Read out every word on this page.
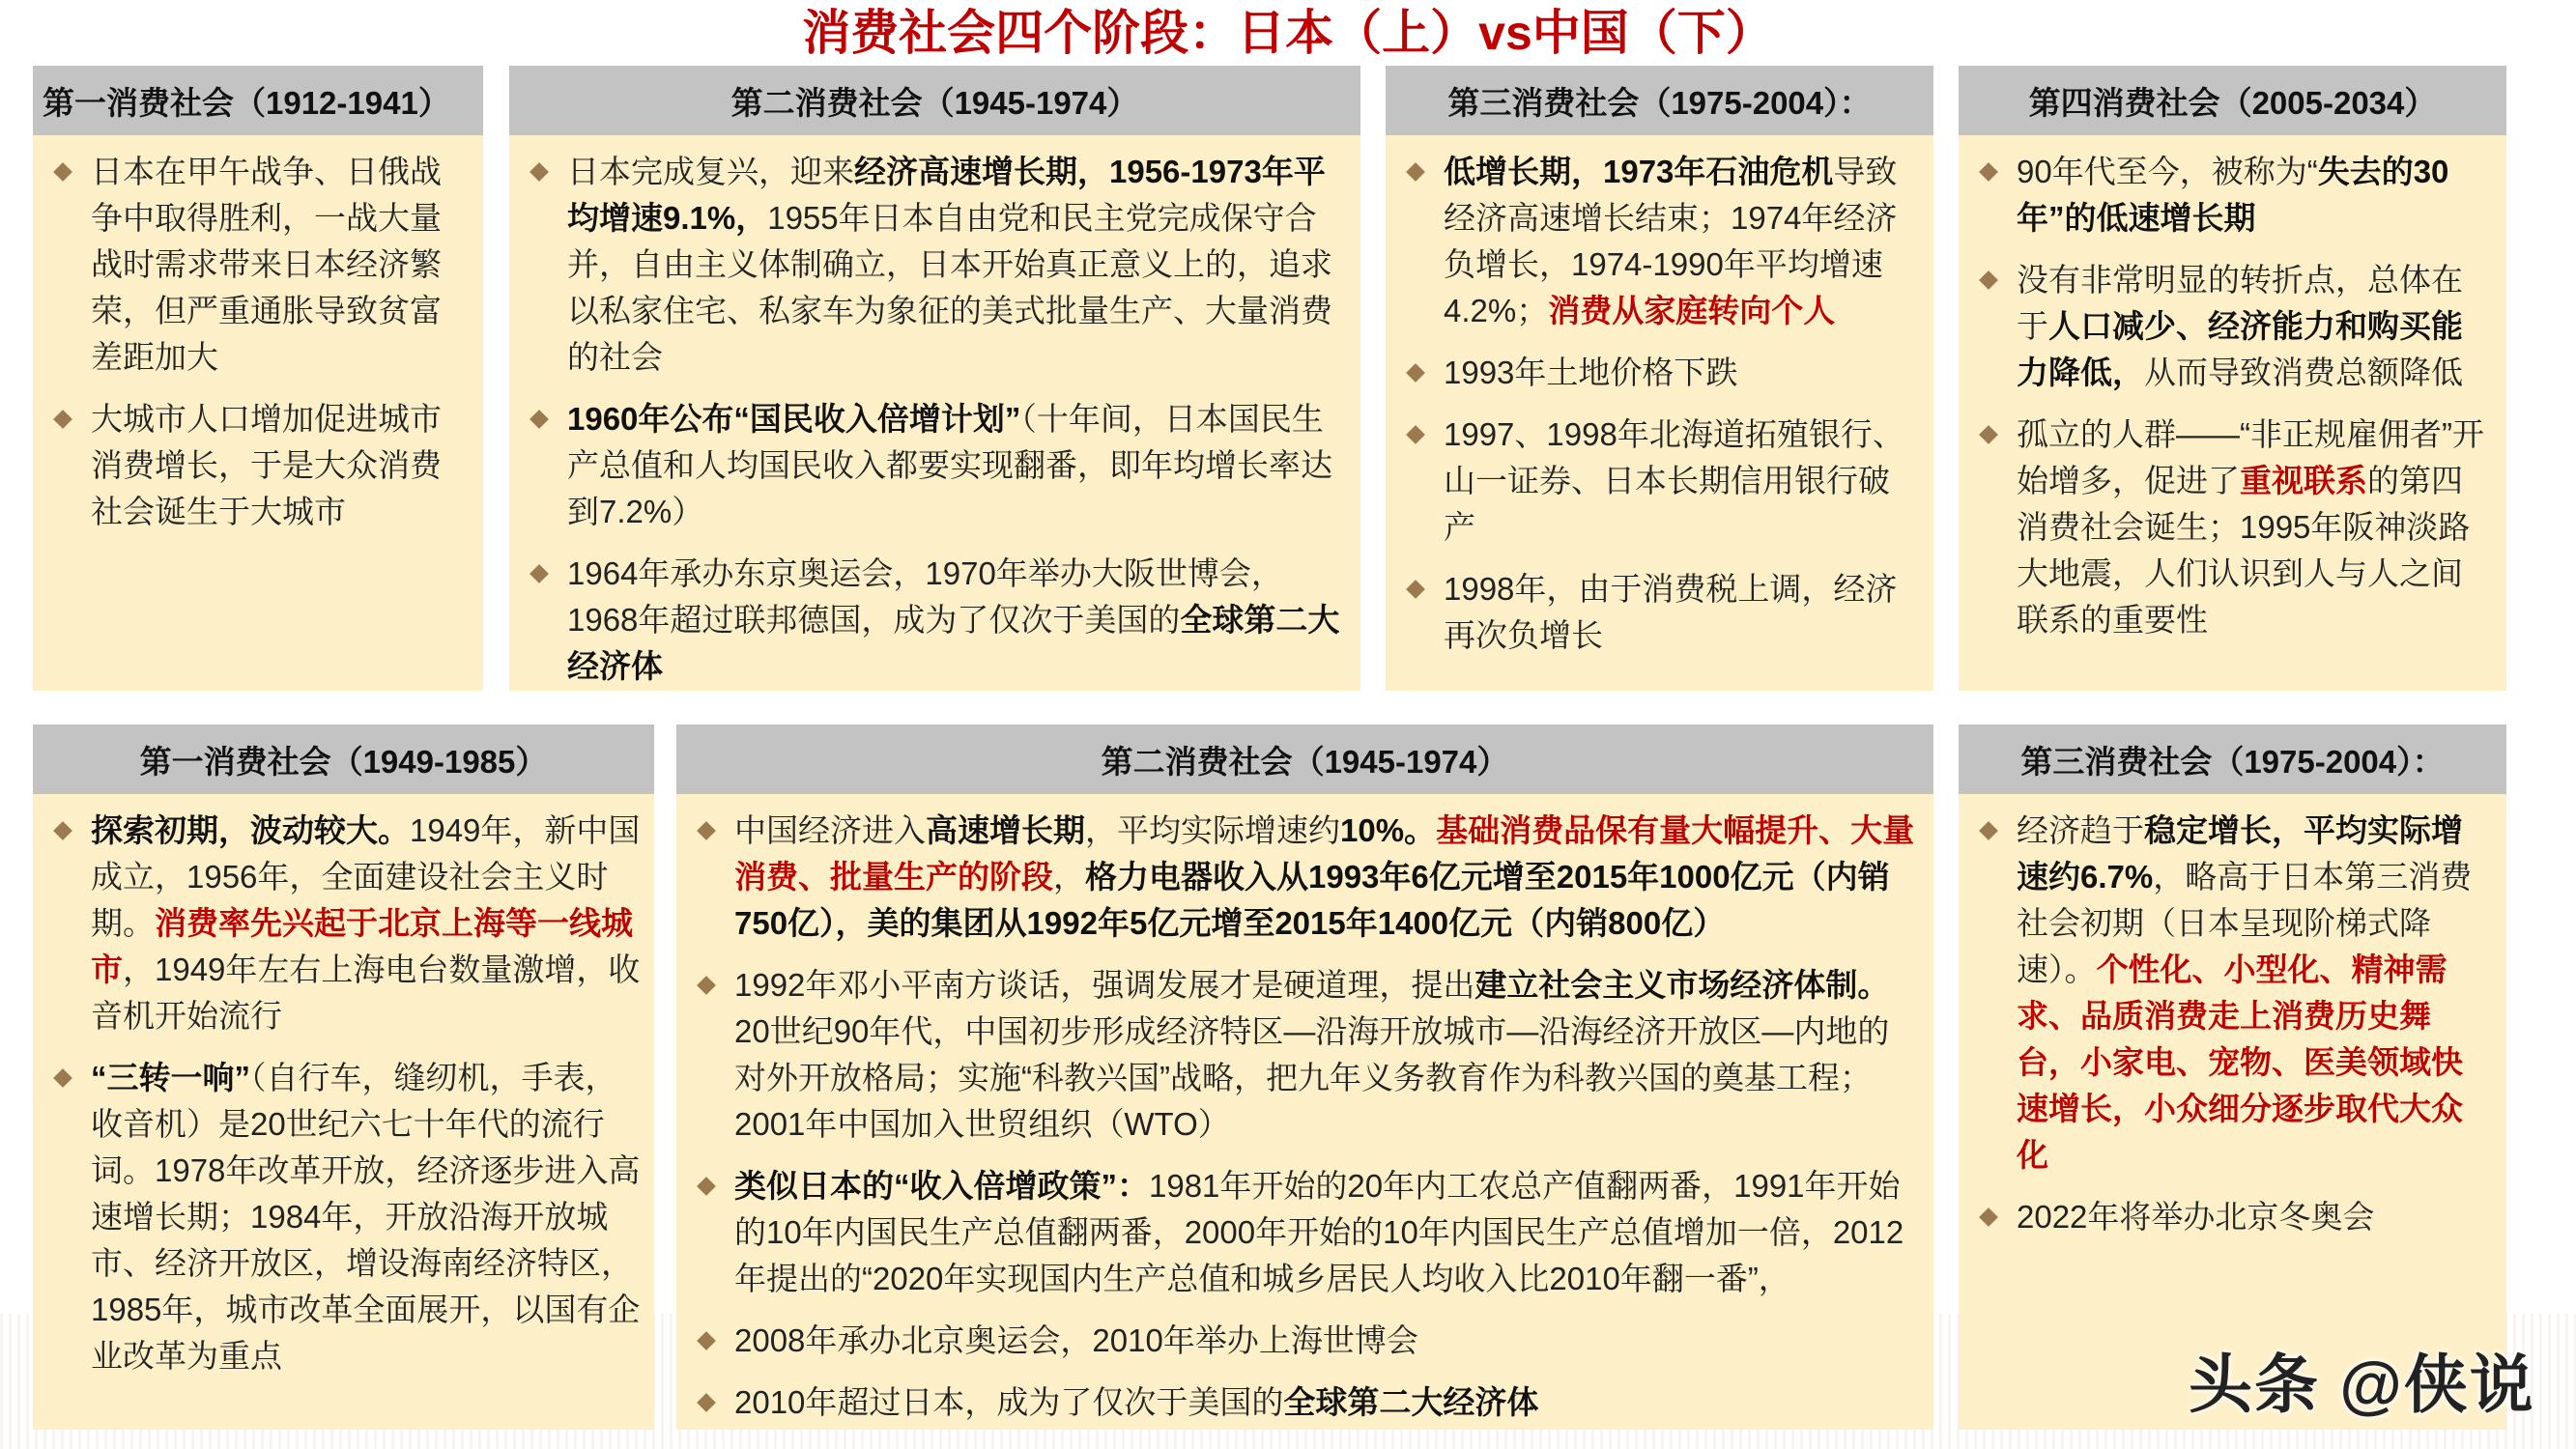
消费社会四个阶段：日本（上）vs中国（下）
第一消费社会（1912-1941）
日本在甲午战争、日俄战争中取得胜利，一战大量战时需求带来日本经济繁荣，但严重通胀导致贫富差距加大
大城市人口增加促进城市消费增长，于是大众消费社会诞生于大城市
第二消费社会（1945-1974）
日本完成复兴，迎来经济高速增长期，1956-1973年平均增速9.1%，1955年日本自由党和民主党完成保守合并，自由主义体制确立，日本开始真正意义上的，追求以私家住宅、私家车为象征的美式批量生产、大量消费的社会
1960年公布“国民收入倍增计划”（十年间，日本国民生产总值和人均国民收入都要实现翻番，即年均增长率达到7.2%）
1964年承办东京奥运会，1970年举办大阪世博会，1968年超过联邦德国，成为了仅次于美国的全球第二大经济体
第三消费社会（1975-2004）：
低增长期，1973年石油危机导致经济高速增长结束；1974年经济负增长，1974-1990年平均增速4.2%；消费从家庭转向个人
1993年土地价格下跌
1997、1998年北海道拓殖银行、山一证券、日本长期信用银行破产
1998年，由于消费税上调，经济再次负增长
第四消费社会（2005-2034）
90年代至今，被称为“失去的30年”的低速增长期
没有非常明显的转折点，总体在于人口减少、经济能力和购买能力降低，从而导致消费总额降低
孤立的人群——“非正规雇佣者”开始增多，促进了重视联系的第四消费社会诞生；1995年阪神淡路大地震，人们认识到人与人之间联系的重要性
第一消费社会（1949-1985）
探索初期，波动较大。1949年，新中国成立，1956年，全面建设社会主义时期。消费率先兴起于北京上海等一线城市，1949年左右上海电台数量激增，收音机开始流行
“三转一响”（自行车，缝纫机，手表，收音机）是20世纪六七十年代的流行词。1978年改革开放，经济逐步进入高速增长期；1984年，开放沿海开放城市、经济开放区，增设海南经济特区，1985年，城市改革全面展开，以国有企业改革为重点
第二消费社会（1945-1974）
中国经济进入高速增长期，平均实际增速约10%。基础消费品保有量大幅提升、大量消费、批量生产的阶段，格力电器收入从1993年6亿元增至2015年1000亿元（内销750亿），美的集团从1992年5亿元增至2015年1400亿元（内销800亿）
1992年邓小平南方谈话，强调发展才是硬道理，提出建立社会主义市场经济体制。20世纪90年代，中国初步形成经济特区—沿海开放城市—沿海经济开放区—内地的对外开放格局；实施“科教兴国”战略，把九年义务教育作为科教兴国的奠基工程；2001年中国加入世贸组织（WTO）
类似日本的“收入倍增政策”：1981年开始的20年内工农总产值翻两番，1991年开始的10年内国民生产总值翻两番，2000年开始的10年内国民生产总值增加一倍，2012年提出的“2020年实现国内生产总值和城乡居民人均收入比2010年翻一番”，
2008年承办北京奥运会，2010年举办上海世博会
2010年超过日本，成为了仅次于美国的全球第二大经济体
第三消费社会（1975-2004）：
经济趋于稳定增长，平均实际增速约6.7%，略高于日本第三消费社会初期（日本呈现阶梯式降速）。个性化、小型化、精神需求、品质消费走上消费历史舞台，小家电、宠物、医美领域快速增长，小众细分逐步取代大众化
2022年将举办北京冬奥会
头条 @侠说
